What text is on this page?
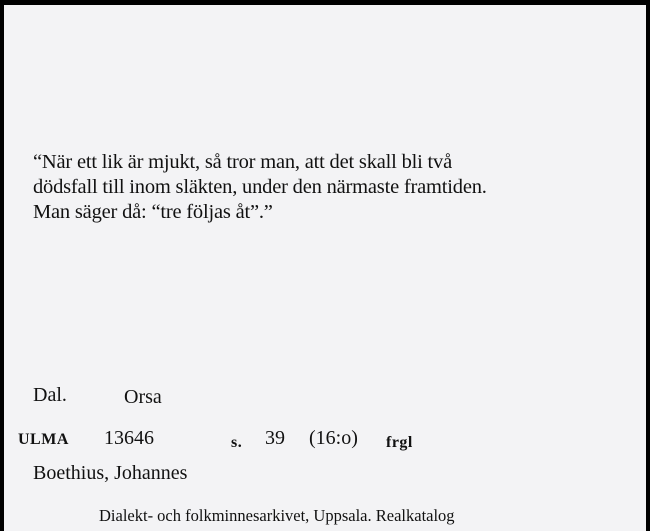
“När ett lik är mjukt, så tror man, att det skall bli två
dödsfall till inom släkten, under den närmaste framtiden.
Man säger då: “tre följas åt”.”
Dal.	Orsa
ULMA 13646	s. 39 (16:o) frgl
Boethius, Johannes
Dialekt- och folkminnesarkivet, Uppsala. Realkatalog
